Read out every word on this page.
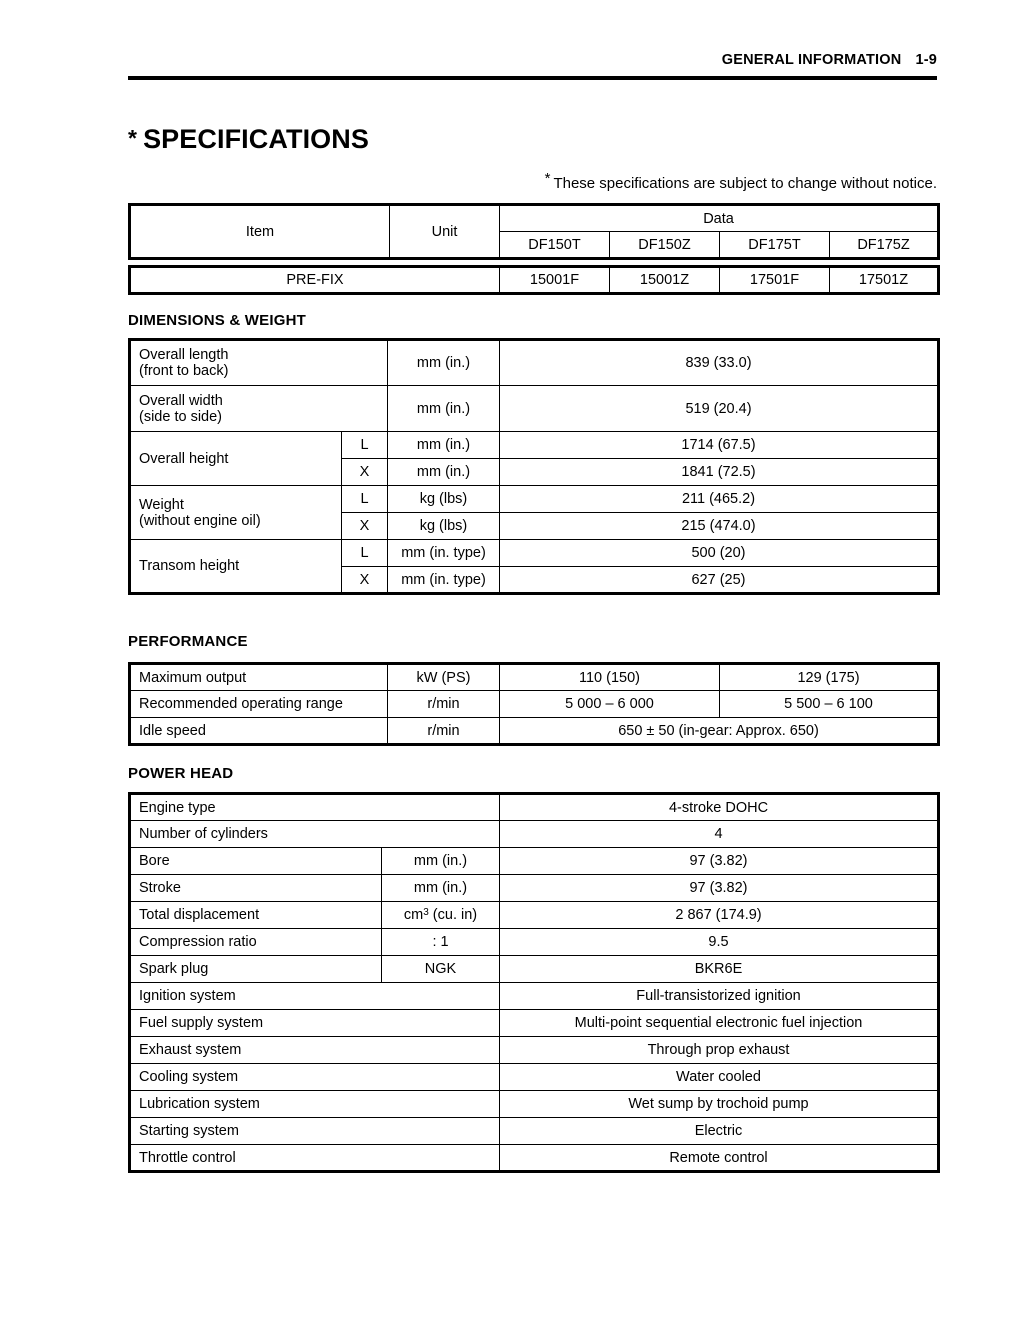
GENERAL INFORMATION 1-9
* SPECIFICATIONS
* These specifications are subject to change without notice.
Item	Unit	Data			
		DF150T	DF150Z	DF175T	DF175Z
PRE-FIX	15001F	15001Z	17501F	17501Z
DIMENSIONS & WEIGHT
Overall length
(front to back)		mm (in.)	839 (33.0)
Overall width
(side to side)		mm (in.)	519 (20.4)
Overall height	L	mm (in.)	1714 (67.5)
	X	mm (in.)	1841 (72.5)
Weight
(without engine oil)	L	kg (lbs)	211 (465.2)
	X	kg (lbs)	215 (474.0)
Transom height	L	mm (in. type)	500 (20)
	X	mm (in. type)	627 (25)
PERFORMANCE
Maximum output	kW (PS)	110 (150)	129 (175)
Recommended operating range	r/min	5 000 – 6 000	5 500 – 6 100
Idle speed	r/min	650 ± 50 (in-gear: Approx. 650)	
POWER HEAD
Engine type		4-stroke DOHC
Number of cylinders		4
Bore	mm (in.)	97 (3.82)
Stroke	mm (in.)	97 (3.82)
Total displacement	$cm^3$ (cu. in)	2 867 (174.9)
Compression ratio	: 1	9.5
Spark plug	NGK	BKR6E
Ignition system		Full-transistorized ignition
Fuel supply system		Multi-point sequential electronic fuel injection
Exhaust system		Through prop exhaust
Cooling system		Water cooled
Lubrication system		Wet sump by trochoid pump
Starting system		Electric
Throttle control		Remote control
